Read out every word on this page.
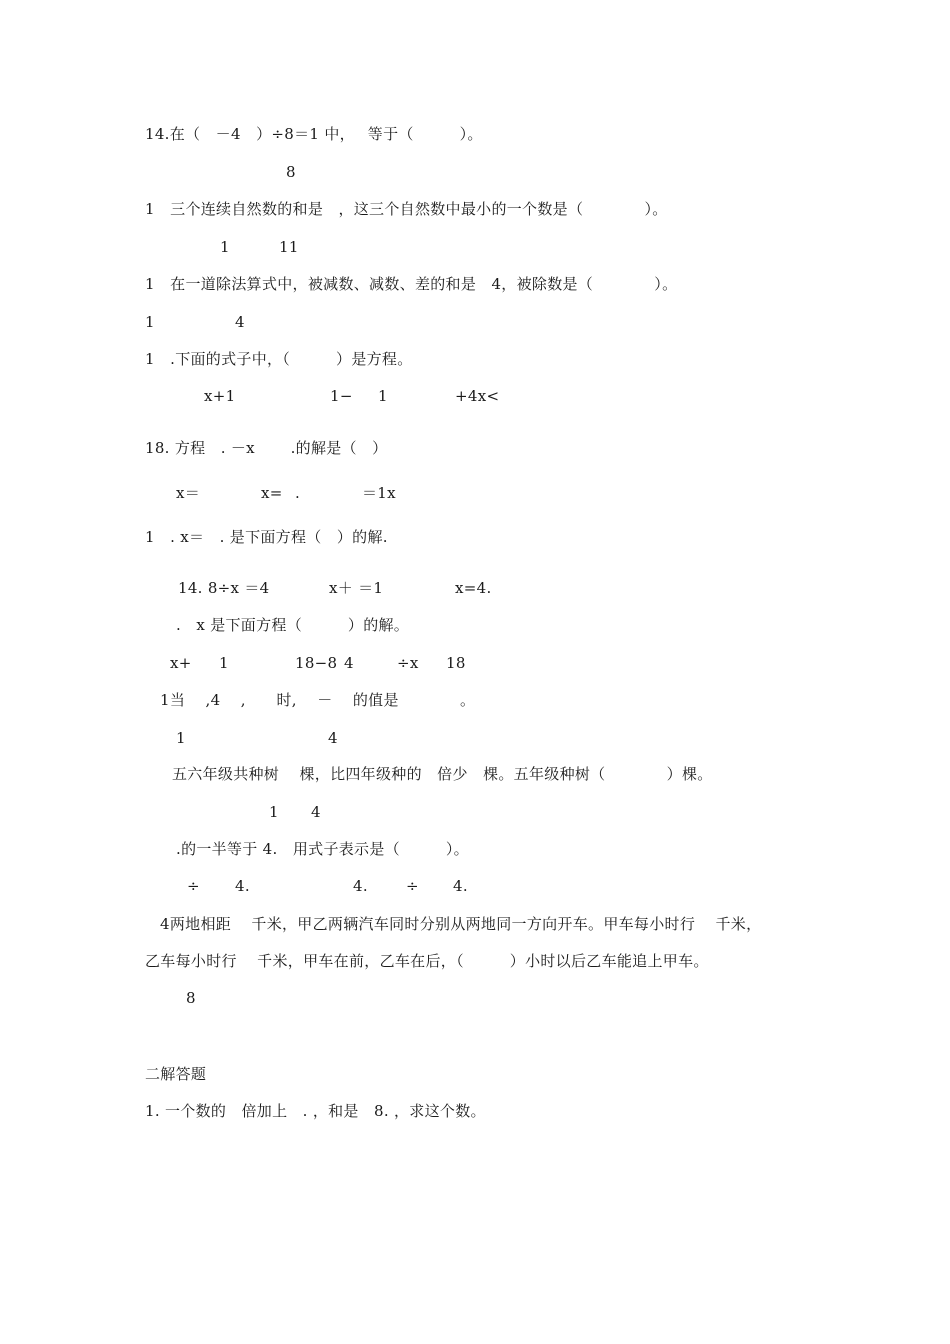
14.在（　－4　）÷8＝1 中，　 等于（　　　）。
8
1　三个连续自然数的和是　，这三个自然数中最小的一个数是（　　　　）。
1	11
1　在一道除法算式中，被减数、减数、差的和是　4，被除数是（　　　　）。
1	4
1　.下面的式子中，（　　　）是方程。
x+1	1− 1	+4x<
18. 方程　. －x　　 .的解是（　）
x＝	x= .	＝1x
1　. x＝　. 是下面方程（　）的解.
14. 8÷x ＝4	x＋ ＝1	x=4.
.　x 是下面方程（　　　）的解。
x+ 1	18−8 4	÷x 18
1当　 ,4　 ,　　时,　 －　 的值是　　　　。
1	4
五六年级共种树　 棵，比四年级种的　倍少　棵。五年级种树（　　　　）棵。
1 4
.的一半等于 4.　用式子表示是（　　　）。
÷ 4.	4.	÷ 4.
4两地相距　 千米，甲乙两辆汽车同时分别从两地同一方向开车。甲车每小时行　 千米，
乙车每小时行　 千米，甲车在前，乙车在后，（　　　）小时以后乙车能追上甲车。
8
二解答题
1. 一个数的　倍加上　. ，和是　8. ，求这个数。
